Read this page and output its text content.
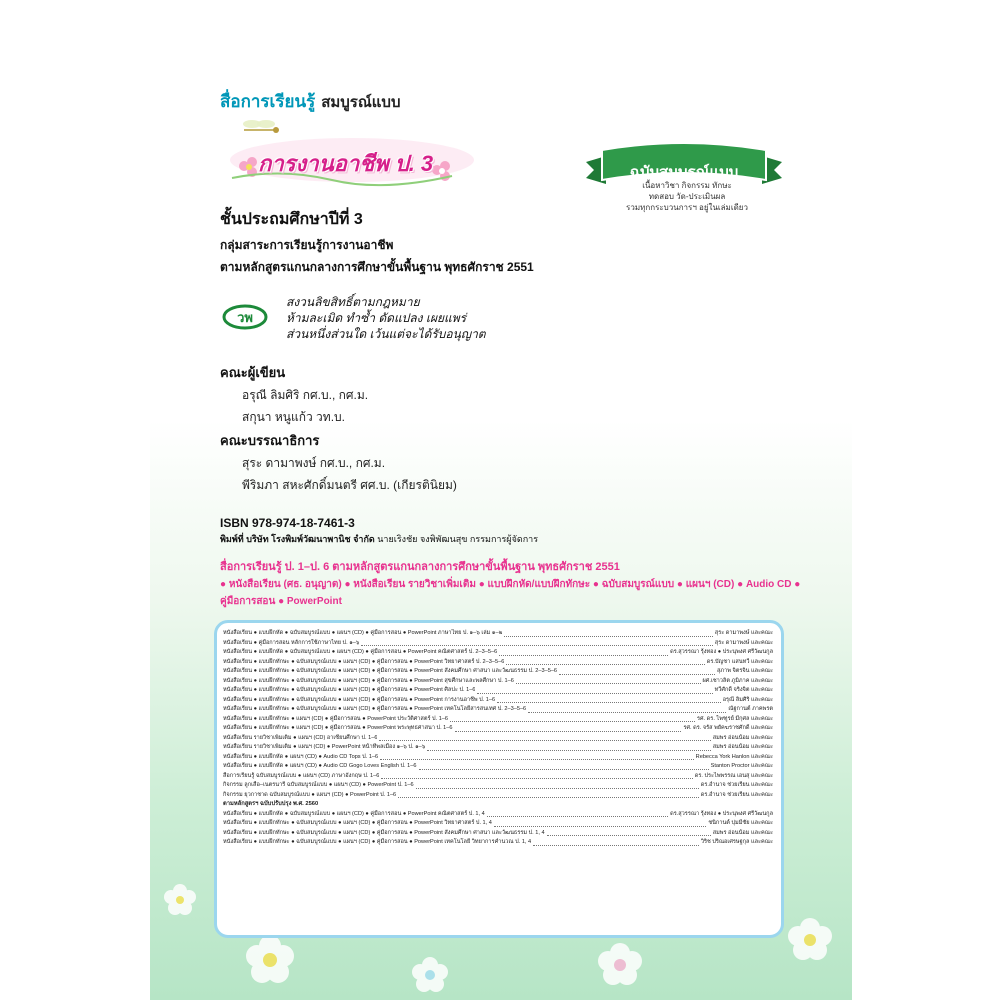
สื่อการเรียนรู้ สมบูรณ์แบบ
การงานอาชีพ ป. 3	ฉบับสมบูรณ์แบบ
เนื้อหาวิชา กิจกรรม ทักษะ
ทดสอบ วัด-ประเมินผล
รวมทุกกระบวนการฯ อยู่ในเล่มเดียว
ชั้นประถมศึกษาปีที่ 3
กลุ่มสาระการเรียนรู้การงานอาชีพ
ตามหลักสูตรแกนกลางการศึกษาขั้นพื้นฐาน พุทธศักราช 2551
วพ
สงวนลิขสิทธิ์ตามกฎหมาย
ห้ามละเมิด ทำซ้ำ ดัดแปลง เผยแพร่
ส่วนหนึ่งส่วนใด เว้นแต่จะได้รับอนุญาต
คณะผู้เขียน
อรุณี ลิมศิริ กศ.บ., กศ.ม.
สกุนา หนูแก้ว วท.บ.
คณะบรรณาธิการ
สุระ ดามาพงษ์ กศ.บ., กศ.ม.
พีริมภา สหะศักดิ์มนตรี ศศ.บ. (เกียรตินิยม)
ISBN 978-974-18-7461-3
พิมพ์ที่ บริษัท โรงพิมพ์วัฒนาพานิช จำกัด นายเริงชัย จงพิพัฒนสุข กรรมการผู้จัดการ
สื่อการเรียนรู้ ป. 1–ป. 6 ตามหลักสูตรแกนกลางการศึกษาขั้นพื้นฐาน พุทธศักราช 2551
● หนังสือเรียน (ศธ. อนุญาต) ● หนังสือเรียน รายวิชาเพิ่มเติม ● แบบฝึกหัด/แบบฝึกทักษะ ● ฉบับสมบูรณ์แบบ ● แผนฯ (CD) ● Audio CD ● คู่มือการสอน ● PowerPoint
หนังสือเรียน ● แบบฝึกหัด ● ฉบับสมบูรณ์แบบ ● แผนฯ (CD) ● คู่มือการสอน ● PowerPoint ภาษาไทย ป. ๑–๖ เล่ม ๑–๒	สุระ ดามาพงษ์ และคณะ
หนังสือเรียน ● คู่มือการสอน หลักการใช้ภาษาไทย ป. ๑–๖	สุระ ดามาพงษ์ และคณะ
หนังสือเรียน ● แบบฝึกหัด ● ฉบับสมบูรณ์แบบ ● แผนฯ (CD) ● คู่มือการสอน ● PowerPoint คณิตศาสตร์ ป. 2–3–5–6	ดร.สุวรรณา รุ้งทอง ● ประนุพงศ ศรีวัฒนกูล
หนังสือเรียน ● แบบฝึกทักษะ ● ฉบับสมบูรณ์แบบ ● แผนฯ (CD) ● คู่มือการสอน ● PowerPoint วิทยาศาสตร์ ป. 2–3–5–6	ดร.บัญชา แสนทวี และคณะ
หนังสือเรียน ● แบบฝึกทักษะ ● ฉบับสมบูรณ์แบบ ● แผนฯ (CD) ● คู่มือการสอน ● PowerPoint สังคมศึกษา ศาสนา และวัฒนธรรม ป. 2–3–5–6	สุภาพ จิตรจิน และคณะ
หนังสือเรียน ● แบบฝึกทักษะ ● ฉบับสมบูรณ์แบบ ● แผนฯ (CD) ● คู่มือการสอน ● PowerPoint สุขศึกษาและพลศึกษา ป. 1–6	ผศ.เชาวลิต ภูมิภาค และคณะ
หนังสือเรียน ● แบบฝึกทักษะ ● ฉบับสมบูรณ์แบบ ● แผนฯ (CD) ● คู่มือการสอน ● PowerPoint ศิลปะ ป. 1–6	ทวีศักดิ์ จริงจิต และคณะ
หนังสือเรียน ● แบบฝึกทักษะ ● ฉบับสมบูรณ์แบบ ● แผนฯ (CD) ● คู่มือการสอน ● PowerPoint การงานอาชีพ ป. 1–6	อรุณี ลิมศิริ และคณะ
หนังสือเรียน ● แบบฝึกทักษะ ● ฉบับสมบูรณ์แบบ ● แผนฯ (CD) ● คู่มือการสอน ● PowerPoint เทคโนโลยีสารสนเทศ ป. 2–3–5–6	ณัฐกานต์ ภาคพรต
หนังสือเรียน ● แบบฝึกทักษะ ● แผนฯ (CD) ● คู่มือการสอน ● PowerPoint ประวัติศาสตร์ ป. 1–6	รศ. ดร. ไพฑูรย์ มีกุศล และคณะ
หนังสือเรียน ● แบบฝึกทักษะ ● แผนฯ (CD) ● คู่มือการสอน ● PowerPoint พระพุทธศาสนา ป. 1–6	รศ. ดร. จรัส พยัคฆราชศักดิ์ และคณะ
หนังสือเรียน รายวิชาเพิ่มเติม ● แผนฯ (CD) อาเซียนศึกษา ป. 1–6	สมพร อ่อนน้อม และคณะ
หนังสือเรียน รายวิชาเพิ่มเติม ● แผนฯ (CD) ● PowerPoint หน้าที่พลเมือง ๑–๖ ป. ๑–๖	สมพร อ่อนน้อม และคณะ
หนังสือเรียน ● แบบฝึกหัด ● แผนฯ (CD) ● Audio CD Tops ป. 1–6	Rebecca York Hanlon และคณะ
หนังสือเรียน ● แบบฝึกหัด ● แผนฯ (CD) ● Audio CD Gogo Loves English ป. 1–6	Stanton Proctor และคณะ
สื่อการเรียนรู้ ฉบับสมบูรณ์แบบ ● แผนฯ (CD) ภาษาอังกฤษ ป. 1–6	ดร. ประไพพรรณ เอนสุ และคณะ
กิจกรรม ลูกเสือ–เนตรนารี ฉบับสมบูรณ์แบบ ● แผนฯ (CD) ● PowerPoint ป. 1–6	ดร.อำนาจ ช่วยเรียน และคณะ
กิจกรรม ยุวกาชาด ฉบับสมบูรณ์แบบ ● แผนฯ (CD) ● PowerPoint ป. 1–6	ดร.อำนาจ ช่วยเรียน และคณะ
ตามหลักสูตรฯ ฉบับปรับปรุง พ.ศ. 2560
หนังสือเรียน ● แบบฝึกหัด ● ฉบับสมบูรณ์แบบ ● แผนฯ (CD) ● คู่มือการสอน ● PowerPoint คณิตศาสตร์ ป. 1, 4	ดร.สุวรรณา รุ้งทอง ● ประนุพงศ ศรีวัฒนกูล
หนังสือเรียน ● แบบฝึกทักษะ ● ฉบับสมบูรณ์แบบ ● แผนฯ (CD) ● คู่มือการสอน ● PowerPoint วิทยาศาสตร์ ป. 1, 4	ชนิกานต์ บุ่มมีชัย และคณะ
หนังสือเรียน ● แบบฝึกทักษะ ● ฉบับสมบูรณ์แบบ ● แผนฯ (CD) ● คู่มือการสอน ● PowerPoint สังคมศึกษา ศาสนา และวัฒนธรรม ป. 1, 4	สมพร อ่อนน้อม และคณะ
หนังสือเรียน ● แบบฝึกทักษะ ● ฉบับสมบูรณ์แบบ ● แผนฯ (CD) ● คู่มือการสอน ● PowerPoint เทคโนโลยี วิทยาการคำนวณ ป. 1, 4	วิริช ปริณอเศรษฐกุล และคณะ
